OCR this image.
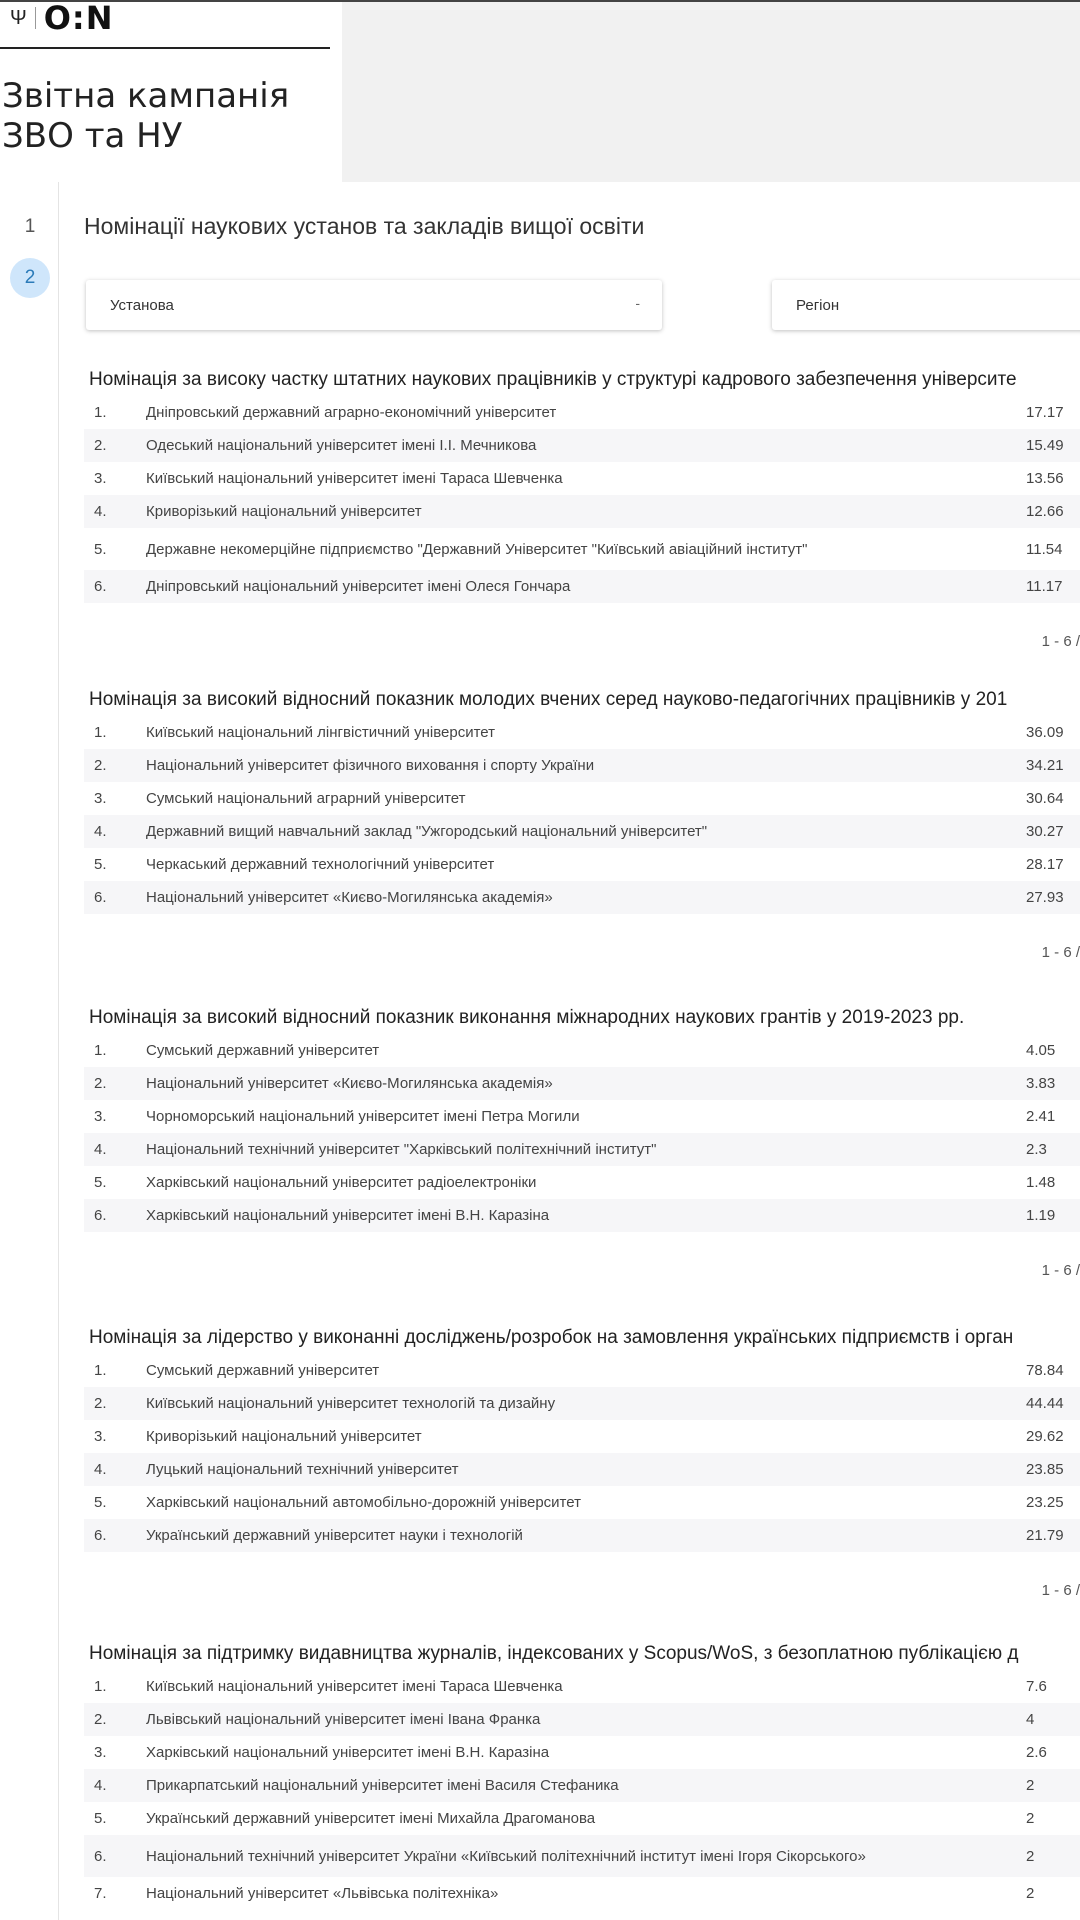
Ψ O:N
Звітна кампанія
ЗВО та НУ
1
2
Номінації наукових установ та закладів вищої освіти
Установа	-	Регіон
Номінація за високу частку штатних наукових працівників у структурі кадрового забезпечення університе
1.	Дніпровський державний аграрно-економічний університет	17.17
2.	Одеський національний університет імені І.І. Мечникова	15.49
3.	Київський національний університет імені Тараса Шевченка	13.56
4.	Криворізький національний університет	12.66
5.	Державне некомерційне підприємство "Державний Університет "Київський авіаційний інститут"	11.54
6.	Дніпровський національний університет імені Олеся Гончара	11.17
1 - 6 /
Номінація за високий відносний показник молодих вчених серед науково-педагогічних працівників у 201
1.	Київський національний лінгвістичний університет	36.09
2.	Національний університет фізичного виховання і спорту України	34.21
3.	Сумський національний аграрний університет	30.64
4.	Державний вищий навчальний заклад "Ужгородський національний університет"	30.27
5.	Черкаський державний технологічний університет	28.17
6.	Національний університет «Києво-Могилянська академія»	27.93
1 - 6 /
Номінація за високий відносний показник виконання міжнародних наукових грантів у 2019-2023 рр.
1.	Сумський державний університет	4.05
2.	Національний університет «Києво-Могилянська академія»	3.83
3.	Чорноморський національний університет імені Петра Могили	2.41
4.	Національний технічний університет "Харківський політехнічний інститут"	2.3
5.	Харківський національний університет радіоелектроніки	1.48
6.	Харківський національний університет імені В.Н. Каразіна	1.19
1 - 6 /
Номінація за лідерство у виконанні досліджень/розробок на замовлення українських підприємств і орган
1.	Сумський державний університет	78.84
2.	Київський національний університет технологій та дизайну	44.44
3.	Криворізький національний університет	29.62
4.	Луцький національний технічний університет	23.85
5.	Харківський національний автомобільно-дорожній університет	23.25
6.	Український державний університет науки і технологій	21.79
1 - 6 /
Номінація за підтримку видавництва журналів, індексованих у Scopus/WoS, з безоплатною публікацією д
1.	Київський національний університет імені Тараса Шевченка	7.6
2.	Львівський національний університет імені Івана Франка	4
3.	Харківський національний університет імені В.Н. Каразіна	2.6
4.	Прикарпатський національний університет імені Василя Стефаника	2
5.	Український державний університет імені Михайла Драгоманова	2
6.	Національний технічний університет України «Київський політехнічний інститут імені Ігоря Сікорського»	2
7.	Національний університет «Львівська політехніка»	2
